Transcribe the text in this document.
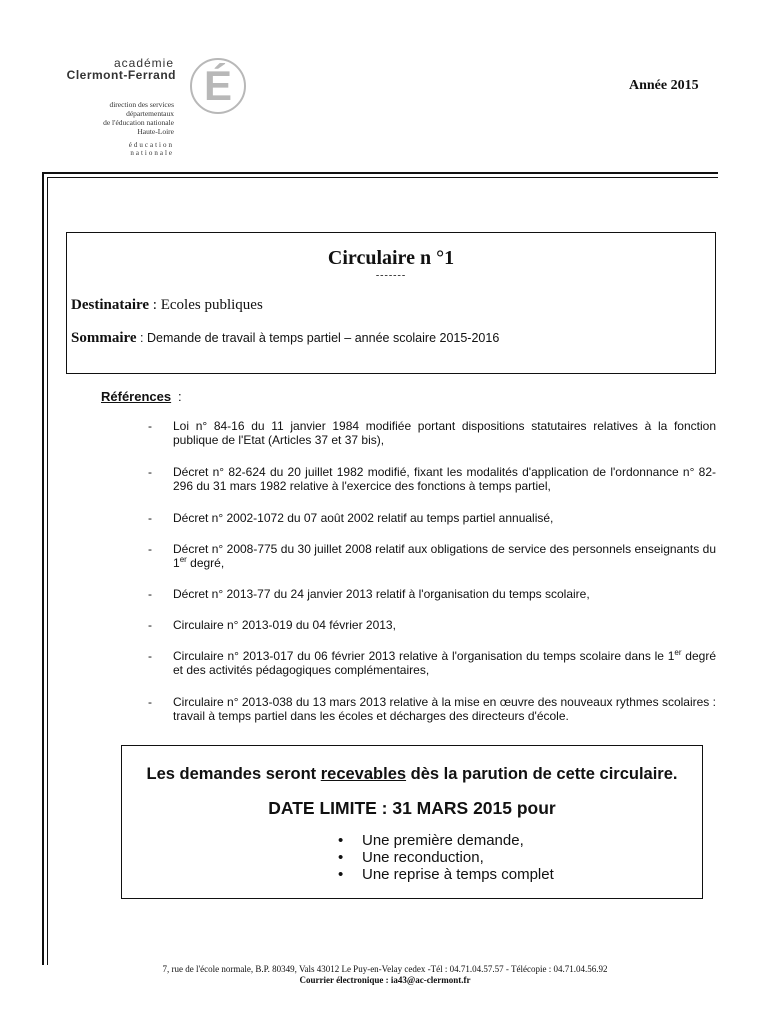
É
académie
Clermont-Ferrand
direction des services
départementaux
de l'éducation nationale
Haute-Loire
éducation
nationale
Année 2015
Circulaire n °1
-------
Destinataire : Ecoles publiques
Sommaire : Demande de travail à temps partiel – année scolaire 2015-2016
Références :
- Loi n° 84-16 du 11 janvier 1984 modifiée portant dispositions statutaires relatives à la fonction publique de l'Etat (Articles 37 et 37 bis),
- Décret n° 82-624 du 20 juillet 1982 modifié, fixant les modalités d'application de l'ordonnance n° 82-296 du 31 mars 1982 relative à l'exercice des fonctions à temps partiel,
- Décret n° 2002-1072 du 07 août 2002 relatif au temps partiel annualisé,
- Décret n° 2008-775 du 30 juillet 2008 relatif aux obligations de service des personnels enseignants du 1er degré,
- Décret n° 2013-77 du 24 janvier 2013 relatif à l'organisation du temps scolaire,
- Circulaire n° 2013-019 du 04 février 2013,
- Circulaire n° 2013-017 du 06 février 2013 relative à l'organisation du temps scolaire dans le 1er degré et des activités pédagogiques complémentaires,
- Circulaire n° 2013-038 du 13 mars 2013 relative à la mise en œuvre des nouveaux rythmes scolaires : travail à temps partiel dans les écoles et décharges des directeurs d'école.
Les demandes seront recevables dès la parution de cette circulaire.
DATE LIMITE : 31 MARS 2015 pour
• Une première demande,
• Une reconduction,
• Une reprise à temps complet
7, rue de l'école normale, B.P. 80349, Vals 43012 Le Puy-en-Velay cedex -Tél : 04.71.04.57.57 - Télécopie : 04.71.04.56.92
Courrier électronique : ia43@ac-clermont.fr
